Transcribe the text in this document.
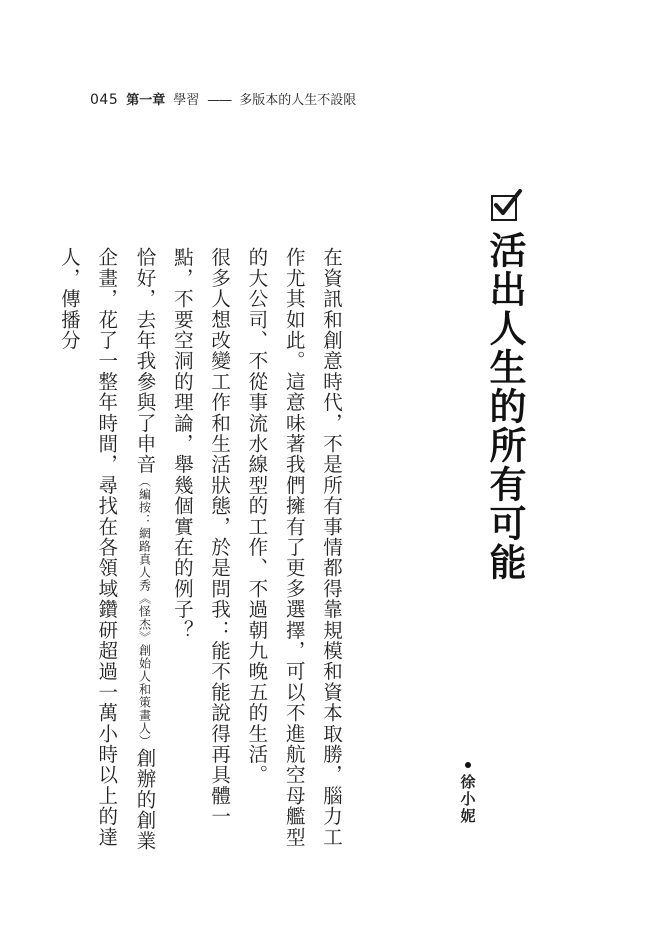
045 第一章 學習 —— 多版本的人生不設限
活出人生的所有可能
徐小妮

在資訊和創意時代，不是所有事情都得靠規模和資本取勝，腦力工作尤其如此。這意味著我們擁有了更多選擇，可以不進航空母艦型的大公司、不從事流水線型的工作、不過朝九晚五的生活。

很多人想改變工作和生活狀態，於是問我：能不能說得再具體一點，不要空洞的理論，舉幾個實在的例子？

恰好，去年我參與了申音（編按：網路真人秀《怪杰》創始人和策畫人）創辦的創業企畫，花了一整年時間，尋找在各領域鑽研超過一萬小時以上的達人，傳播分
